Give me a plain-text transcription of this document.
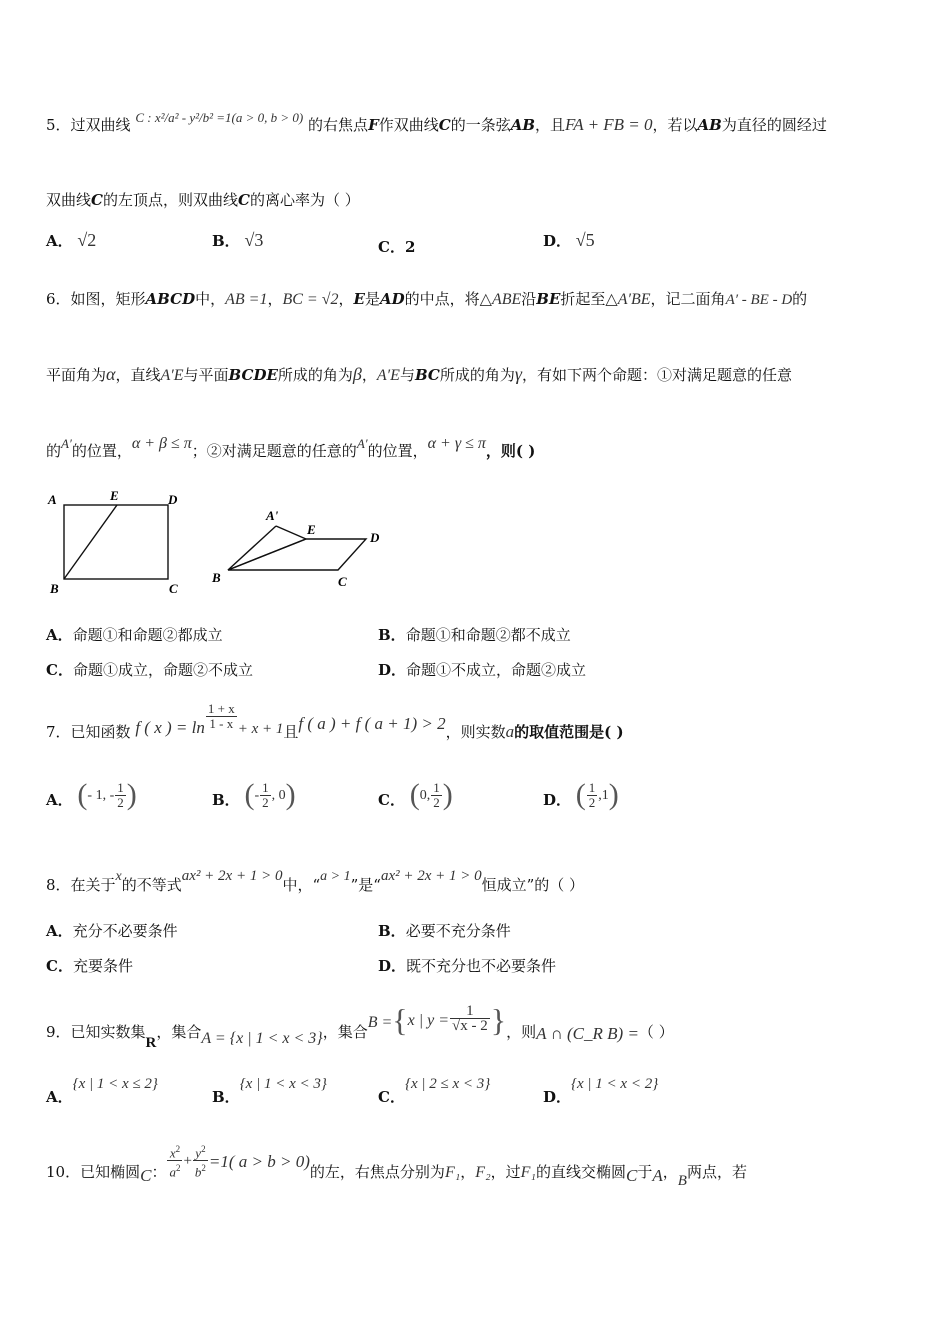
5．过双曲线 C : x²/a² - y²/b² =1(a > 0, b > 0) 的右焦点F作双曲线C的一条弦AB，且FA + FB = 0，若以AB为直径的圆经过
双曲线C的左顶点，则双曲线C的离心率为（ ）
A． √2	B． √3	C．2	D． √5
6．如图，矩形ABCD中，AB =1，BC = √2，E是AD的中点，将△ABE沿BE折起至△A′BE，记二面角A′ - BE - D的
平面角为α，直线A′E与平面BCDE所成的角为β，A′E与BC所成的角为γ，有如下两个命题：①对满足题意的任意
的A′的位置，α + β ≤ π；②对满足题意的任意的A′的位置，α + γ ≤ π，则( )
A	E	D
B	C
A'
E
D
B	C
A．命题①和命题②都成立	B．命题①和命题②都不成立
C．命题①成立，命题②不成立	D．命题①不成立，命题②成立
7．已知函数 f ( x ) = $\ln \frac{1 + x}{1 - x} + x + 1$且f ( a ) + f ( a + 1) > 2，则实数a的取值范围是( )
A． (- 1, - $\frac{1}{2}$ )	B． (- $\frac{1}{2}$ , 0)	C． (0, $\frac{1}{2}$ )	D． ( $\frac{1}{2} ,1$)
8．在关于x的不等式ax² + 2x + 1 > 0中，“a > 1”是“ax² + 2x + 1 > 0恒成立”的（ ）
A．充分不必要条件	B．必要不充分条件
C．充要条件	D．既不充分也不必要条件
9．已知实数集R，集合A = {x | 1 < x < 3}，集合B ={x | $y = \frac{1}{√x - 2}$ }，则A ∩ (C_R B) =（ ）
A．{x | 1 < x ≤ 2}
B．{x | 1 < x < 3}
C．{x | 2 ≤ x < 3}
D．{x | 1 < x < 2}
10．已知椭圆C： $\frac{x^2}{a^2} + \frac{y^2}{b^2} =1$( a > b > 0)的左，右焦点分别为F₁，F₂，过F₁的直线交椭圆C于A，B两点，若
